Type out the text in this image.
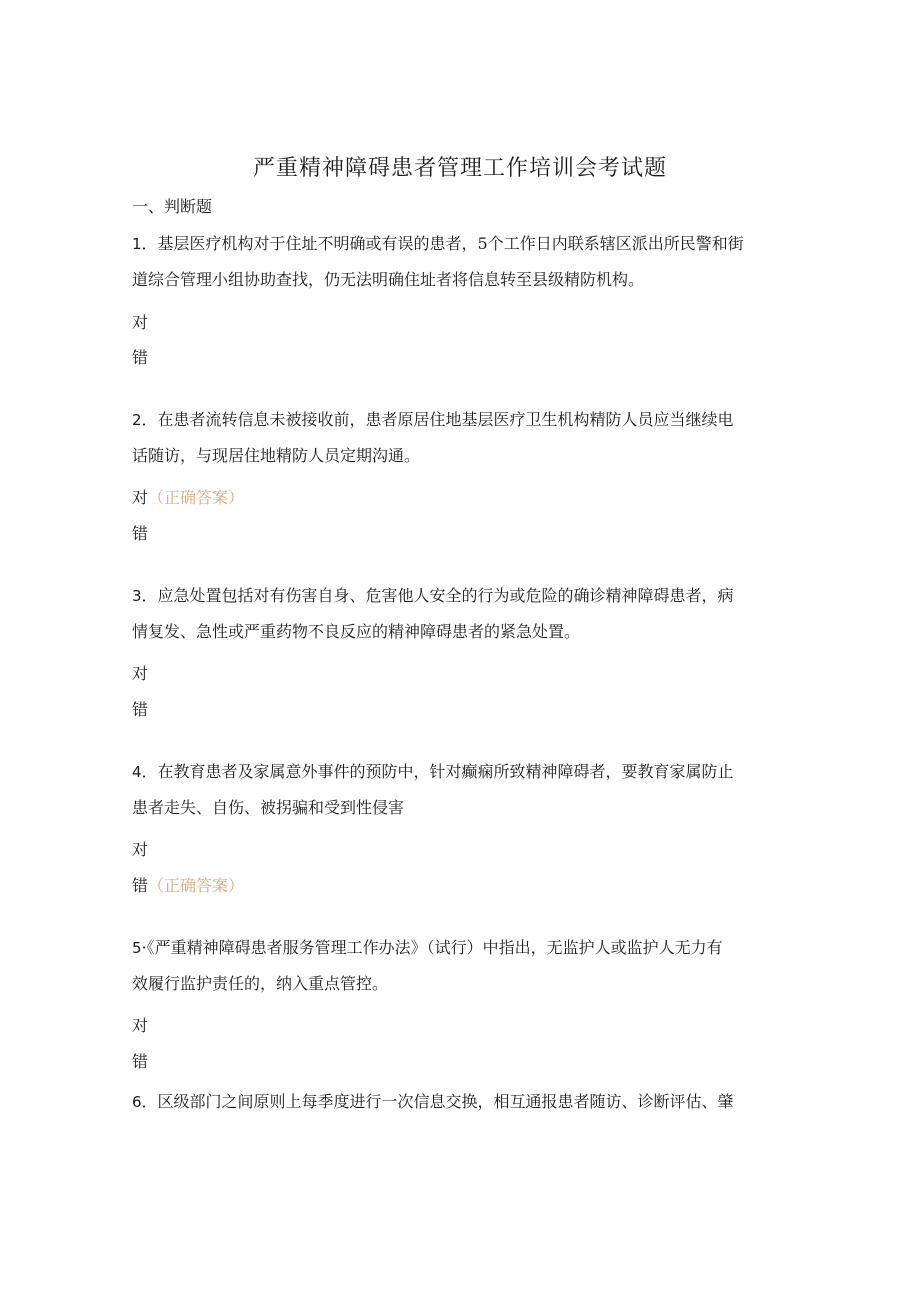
严重精神障碍患者管理工作培训会考试题
一、判断题
1．基层医疗机构对于住址不明确或有误的患者，5个工作日内联系辖区派出所民警和街
道综合管理小组协助查找，仍无法明确住址者将信息转至县级精防机构。
对
错
2．在患者流转信息未被接收前，患者原居住地基层医疗卫生机构精防人员应当继续电
话随访，与现居住地精防人员定期沟通。
对（正确答案）
错
3．应急处置包括对有伤害自身、危害他人安全的行为或危险的确诊精神障碍患者，病
情复发、急性或严重药物不良反应的精神障碍患者的紧急处置。
对
错
4．在教育患者及家属意外事件的预防中，针对癫痫所致精神障碍者，要教育家属防止
患者走失、自伤、被拐骗和受到性侵害
对
错（正确答案）
5·《严重精神障碍患者服务管理工作办法》（试行）中指出，无监护人或监护人无力有
效履行监护责任的，纳入重点管控。
对
错
6．区级部门之间原则上每季度进行一次信息交换，相互通报患者随访、诊断评估、肇
